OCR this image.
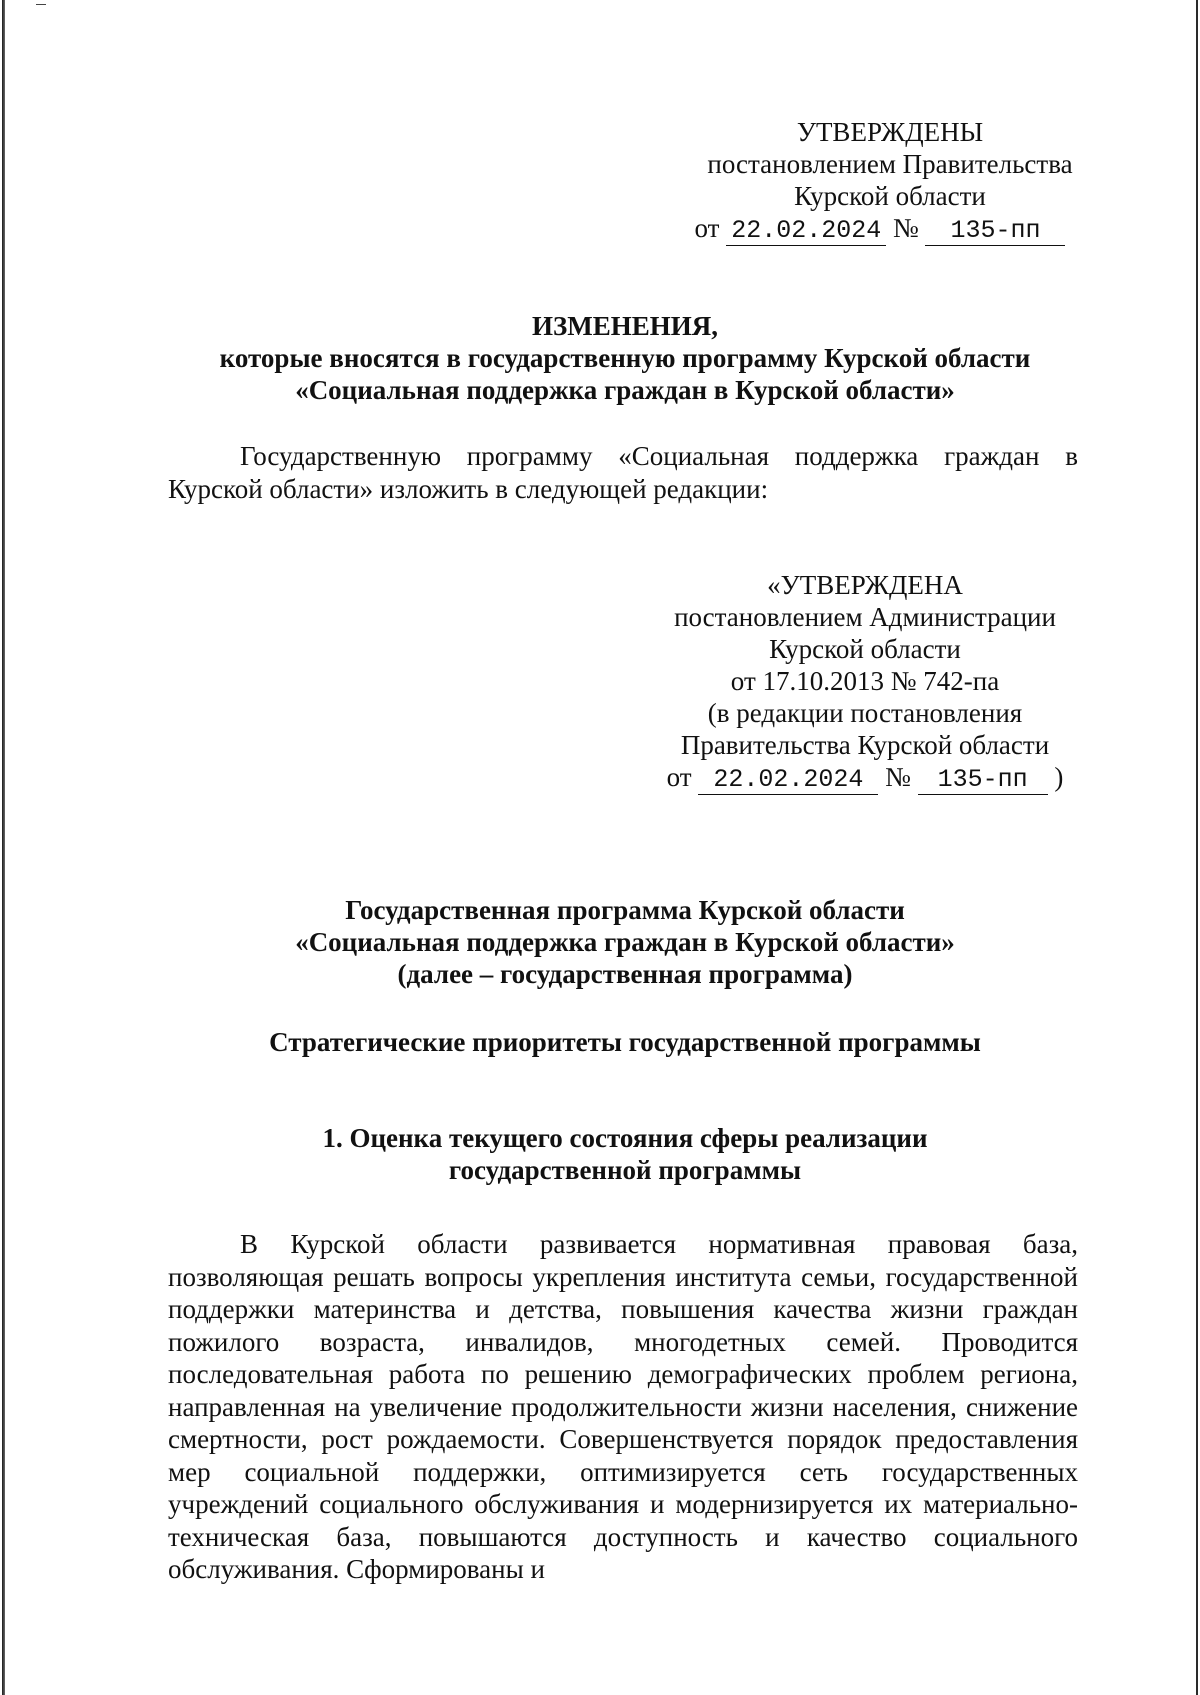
УТВЕРЖДЕНЫ
постановлением Правительства
Курской области
от 22.02.2024 № 135-пп
ИЗМЕНЕНИЯ,
которые вносятся в государственную программу Курской области
«Социальная поддержка граждан в Курской области»
Государственную программу «Социальная поддержка граждан в Курской области» изложить в следующей редакции:
«УТВЕРЖДЕНА
постановлением Администрации
Курской области
от 17.10.2013 № 742-па
(в редакции постановления
Правительства Курской области
от 22.02.2024 № 135-пп )
Государственная программа Курской области
«Социальная поддержка граждан в Курской области»
(далее – государственная программа)
Стратегические приоритеты государственной программы
1. Оценка текущего состояния сферы реализации
государственной программы
В Курской области развивается нормативная правовая база, позволяющая решать вопросы укрепления института семьи, государственной поддержки материнства и детства, повышения качества жизни граждан пожилого возраста, инвалидов, многодетных семей. Проводится последовательная работа по решению демографических проблем региона, направленная на увеличение продолжительности жизни населения, снижение смертности, рост рождаемости. Совершенствуется порядок предоставления мер социальной поддержки, оптимизируется сеть государственных учреждений социального обслуживания и модернизируется их материально-техническая база, повышаются доступность и качество социального обслуживания. Сформированы и
